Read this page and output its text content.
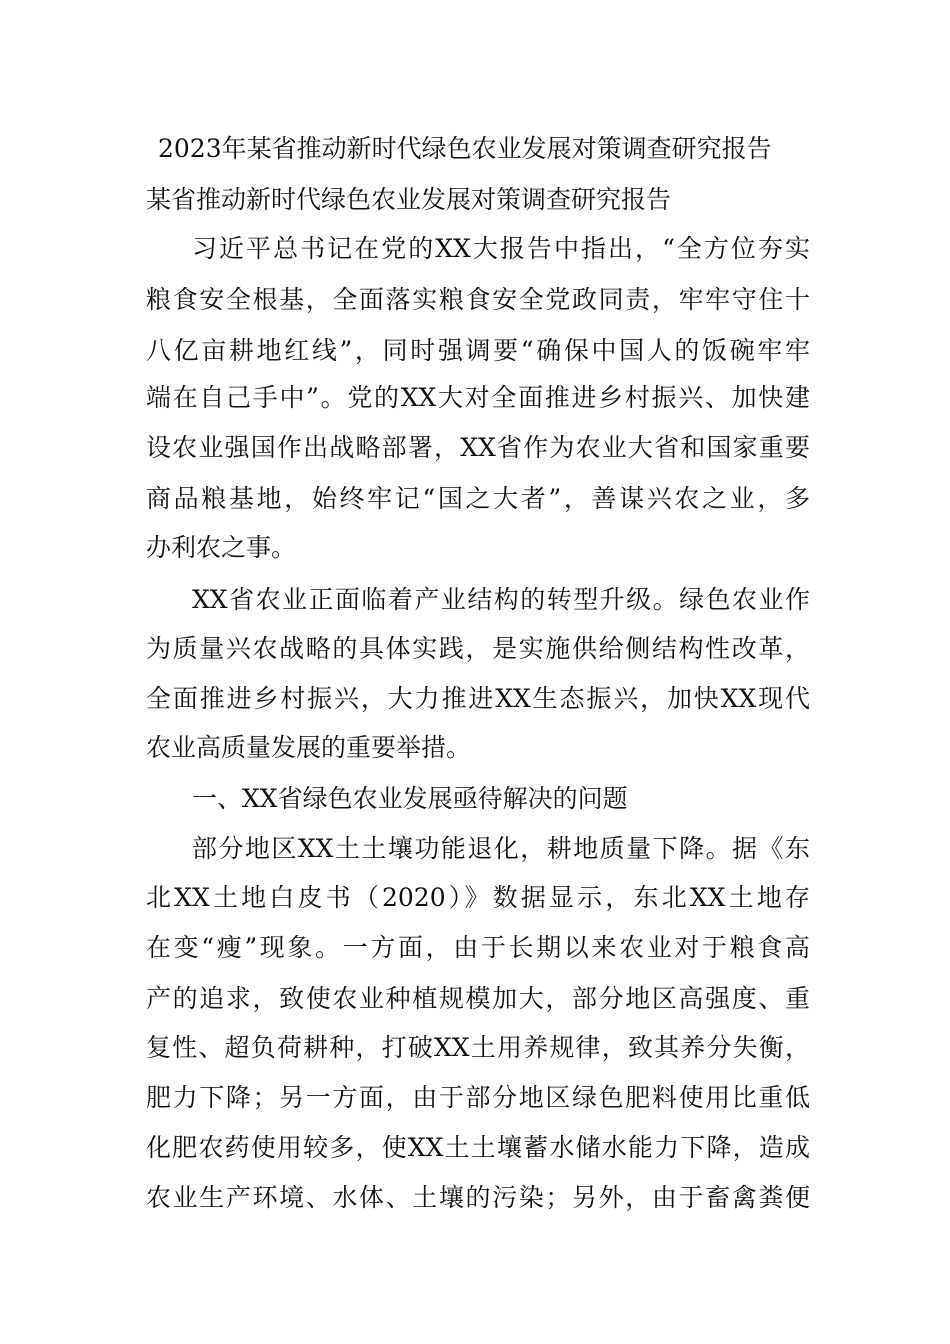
2023年某省推动新时代绿色农业发展对策调查研究报告
某省推动新时代绿色农业发展对策调查研究报告
习近平总书记在党的XX大报告中指出，“全方位夯实
粮食安全根基，全面落实粮食安全党政同责，牢牢守住十
八亿亩耕地红线”，同时强调要“确保中国人的饭碗牢牢
端在自己手中”。党的XX大对全面推进乡村振兴、加快建
设农业强国作出战略部署，XX省作为农业大省和国家重要
商品粮基地，始终牢记“国之大者”，善谋兴农之业，多
办利农之事。
XX省农业正面临着产业结构的转型升级。绿色农业作
为质量兴农战略的具体实践，是实施供给侧结构性改革，
全面推进乡村振兴，大力推进XX生态振兴，加快XX现代
农业高质量发展的重要举措。
一、XX省绿色农业发展亟待解决的问题
部分地区XX土土壤功能退化，耕地质量下降。据《东
北XX土地白皮书（2020）》数据显示，东北XX土地存
在变“瘦”现象。一方面，由于长期以来农业对于粮食高
产的追求，致使农业种植规模加大，部分地区高强度、重
复性、超负荷耕种，打破XX土用养规律，致其养分失衡，
肥力下降；另一方面，由于部分地区绿色肥料使用比重低
化肥农药使用较多，使XX土土壤蓄水储水能力下降，造成
农业生产环境、水体、土壤的污染；另外，由于畜禽粪便
